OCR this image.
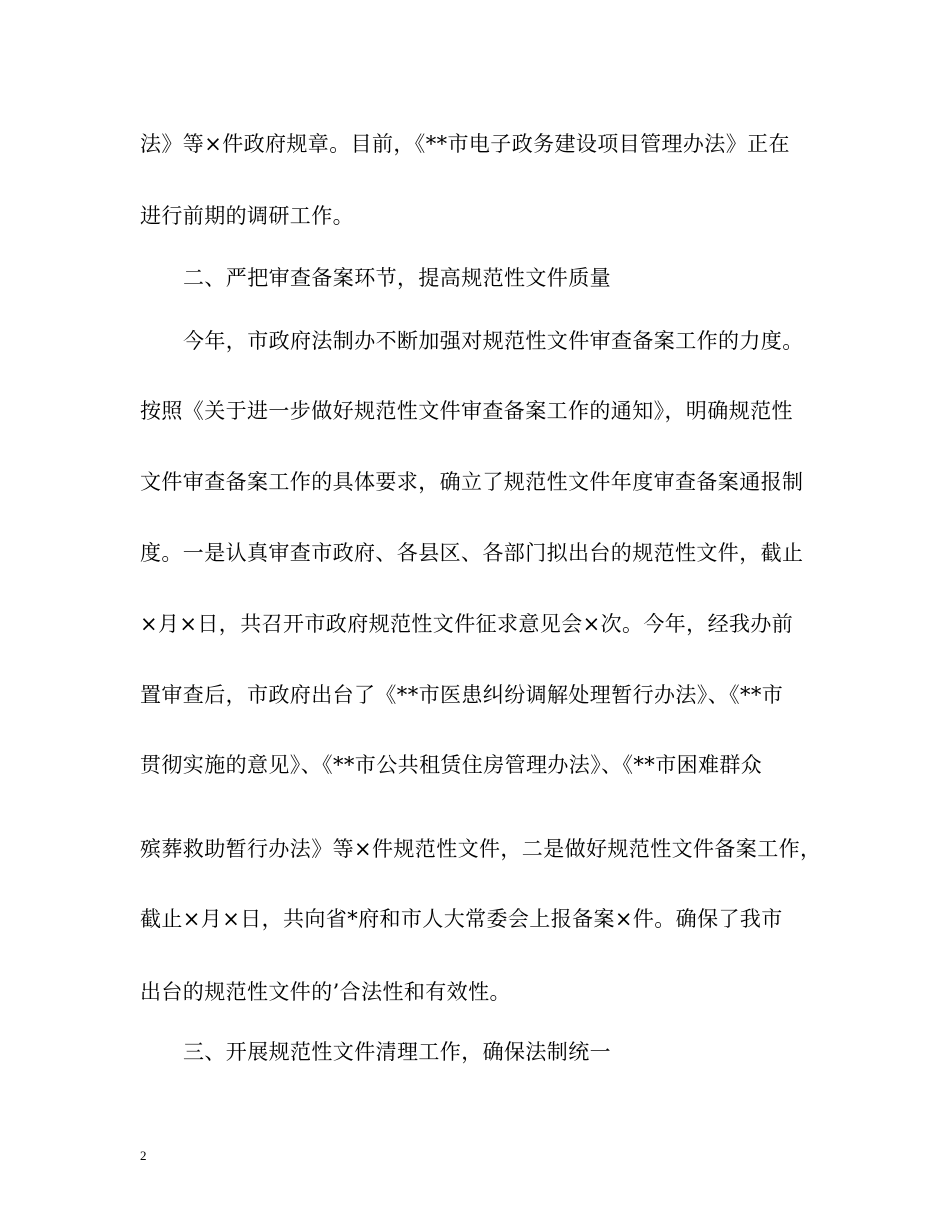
法》等×件政府规章。目前，《**市电子政务建设项目管理办法》正在
进行前期的调研工作。
二、严把审查备案环节，提高规范性文件质量
今年，市政府法制办不断加强对规范性文件审查备案工作的力度。
按照《关于进一步做好规范性文件审查备案工作的通知》，明确规范性
文件审查备案工作的具体要求，确立了规范性文件年度审查备案通报制
度。一是认真审查市政府、各县区、各部门拟出台的规范性文件，截止
×月×日，共召开市政府规范性文件征求意见会×次。今年，经我办前
置审查后，市政府出台了《**市医患纠纷调解处理暂行办法》、《**市
贯彻实施的意见》、《**市公共租赁住房管理办法》、《**市困难群众
殡葬救助暂行办法》等×件规范性文件，二是做好规范性文件备案工作，
截止×月×日，共向省*府和市人大常委会上报备案×件。确保了我市
出台的规范性文件的’合法性和有效性。
三、开展规范性文件清理工作，确保法制统一
2
